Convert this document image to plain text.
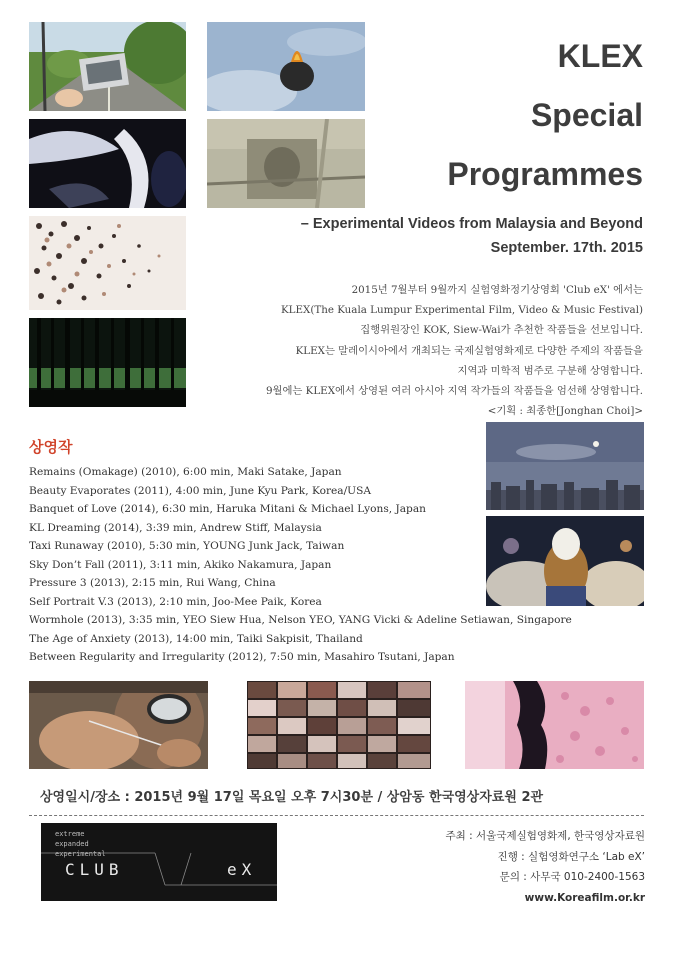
KLEX
Special
Programmes
– Experimental Videos from Malaysia and Beyond
September. 17th. 2015
2015년 7월부터 9월까지 실험영화정기상영회 'Club eX' 에서는
KLEX(The Kuala Lumpur Experimental Film, Video & Music Festival)
집행위원장인 KOK, Siew-Wai가 추천한 작품들을 선보입니다.
KLEX는 말레이시아에서 개최되는 국제실험영화제로 다양한 주제의 작품들을
지역과 미학적 범주로 구분해 상영합니다.
9월에는 KLEX에서 상영된 여러 아시아 지역 작가들의 작품들을 엄선해 상영합니다.
<기획 : 최종한[Jonghan Choi]>
상영작
Remains (Omakage) (2010), 6:00 min, Maki Satake, Japan
Beauty Evaporates (2011), 4:00 min, June Kyu Park, Korea/USA
Banquet of Love (2014), 6:30 min, Haruka Mitani & Michael Lyons, Japan
KL Dreaming (2014), 3:39 min, Andrew Stiff, Malaysia
Taxi Runaway (2010), 5:30 min, YOUNG Junk Jack, Taiwan
Sky Don’t Fall (2011), 3:11 min, Akiko Nakamura, Japan
Pressure 3 (2013), 2:15 min, Rui Wang, China
Self Portrait V.3 (2013), 2:10 min, Joo-Mee Paik, Korea
Wormhole (2013), 3:35 min, YEO Siew Hua, Nelson YEO, YANG Vicki & Adeline Setiawan, Singapore
The Age of Anxiety (2013), 14:00 min, Taiki Sakpisit, Thailand
Between Regularity and Irregularity (2012), 7:50 min, Masahiro Tsutani, Japan
상영일시/장소 : 2015년 9월 17일 목요일 오후 7시30분 / 상암동 한국영상자료원 2관
extreme
expanded
experimental
CLUB	eX
주최 : 서울국제실험영화제, 한국영상자료원
진행 : 실험영화연구소 ‘Lab eX’
문의 : 사무국 010-2400-1563
www.Koreafilm.or.kr
